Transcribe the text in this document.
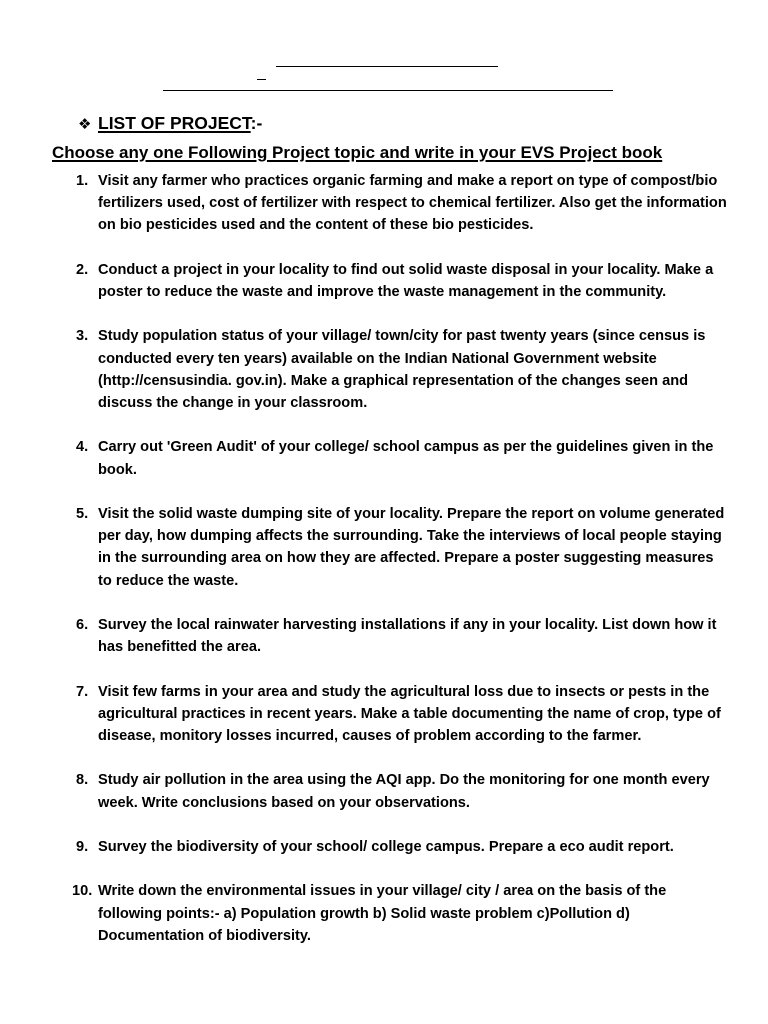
❖ LIST OF PROJECT:-
Choose any one Following Project topic and write in your EVS Project book
1. Visit any farmer who practices organic farming and make a report on type of compost/bio fertilizers used, cost of fertilizer with respect to chemical fertilizer. Also get the information on bio pesticides used and the content of these bio pesticides.
2. Conduct a project in your locality to find out solid waste disposal in your locality. Make a poster to reduce the waste and improve the waste management in the community.
3. Study population status of your village/ town/city for past twenty years (since census is conducted every ten years) available on the Indian National Government website (http://censusindia. gov.in). Make a graphical representation of the changes seen and discuss the change in your classroom.
4. Carry out 'Green Audit' of your college/ school campus as per the guidelines given in the book.
5. Visit the solid waste dumping site of your locality. Prepare the report on volume generated per day, how dumping affects the surrounding. Take the interviews of local people staying in the surrounding area on how they are affected. Prepare a poster suggesting measures to reduce the waste.
6. Survey the local rainwater harvesting installations if any in your locality. List down how it has benefitted the area.
7. Visit few farms in your area and study the agricultural loss due to insects or pests in the agricultural practices in recent years. Make a table documenting the name of crop, type of disease, monitory losses incurred, causes of problem according to the farmer.
8. Study air pollution in the area using the AQI app. Do the monitoring for one month every week. Write conclusions based on your observations.
9. Survey the biodiversity of your school/ college campus. Prepare a eco audit report.
10. Write down the environmental issues in your village/ city / area on the basis of the following points:- a) Population growth b) Solid waste problem c)Pollution d) Documentation of biodiversity.
